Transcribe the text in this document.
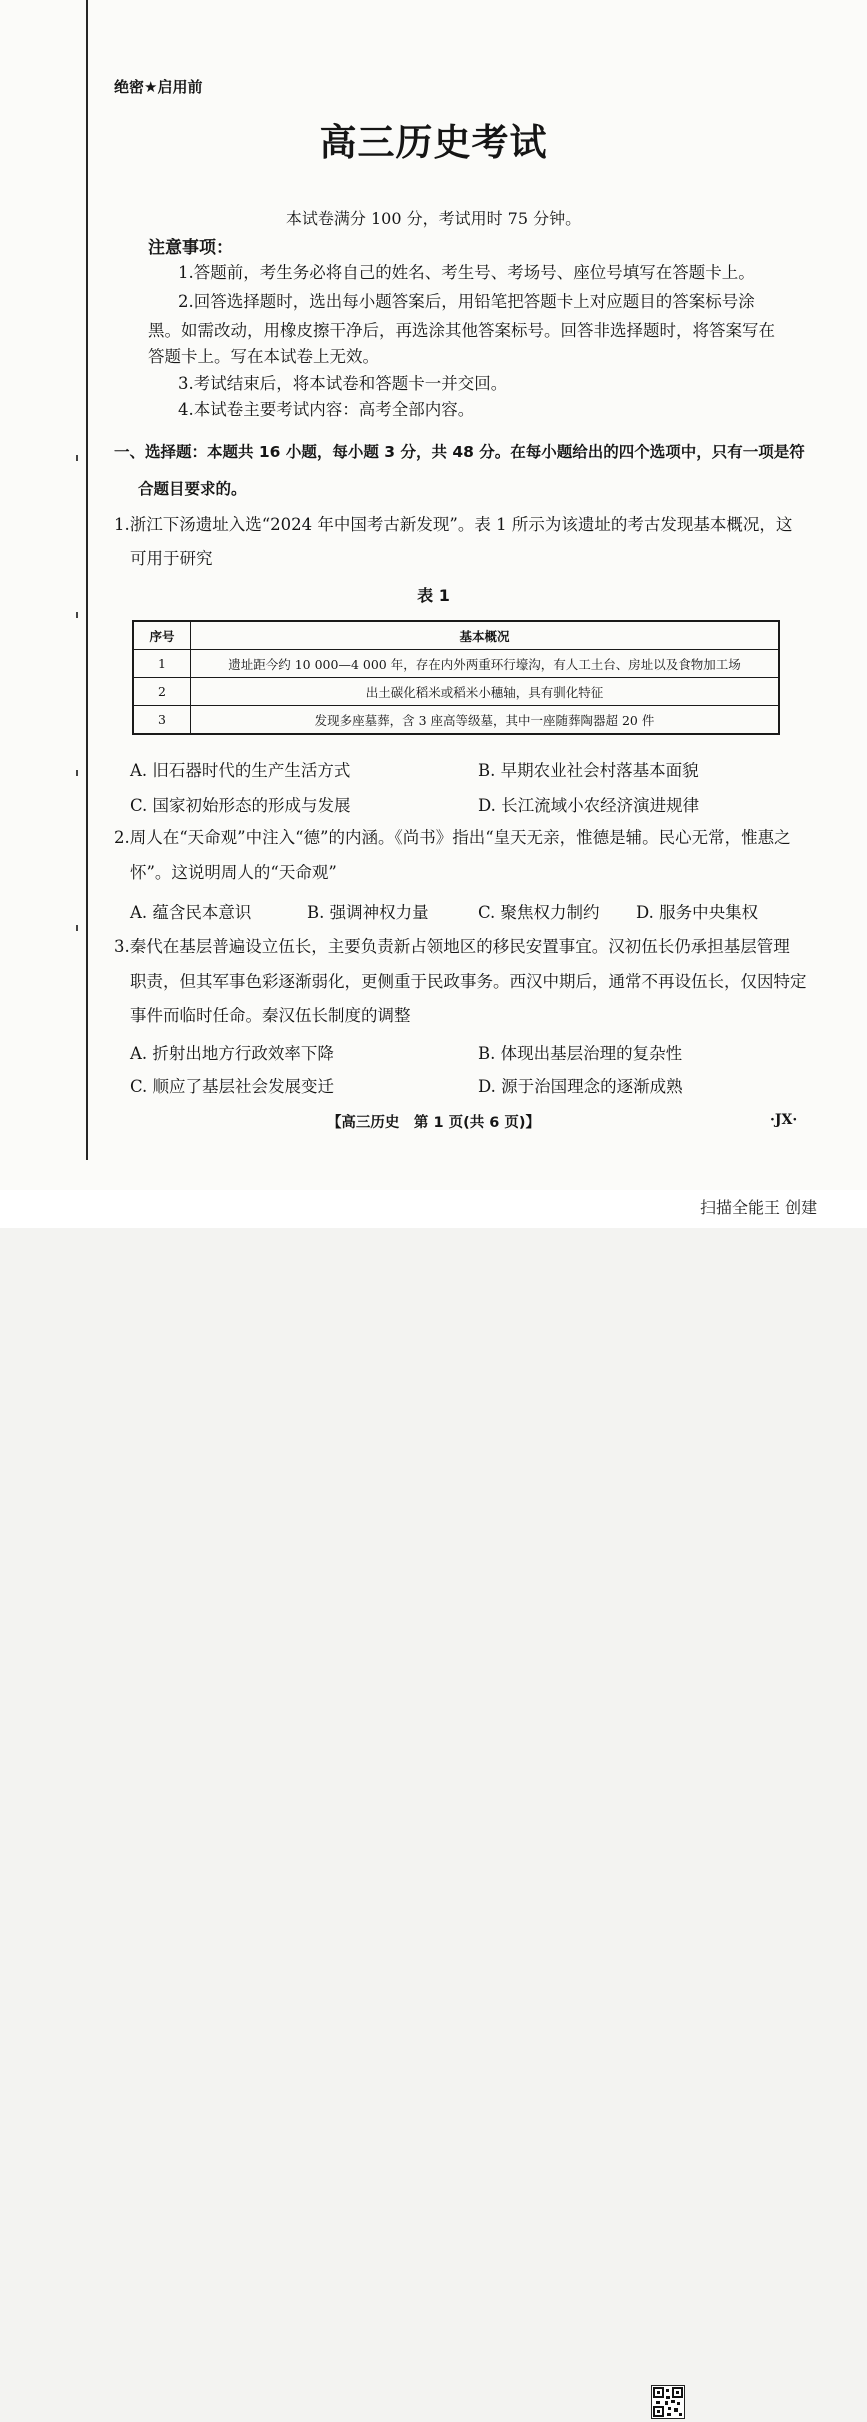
绝密★启用前
高三历史考试
本试卷满分 100 分，考试用时 75 分钟。
注意事项：
1.答题前，考生务必将自己的姓名、考生号、考场号、座位号填写在答题卡上。
2.回答选择题时，选出每小题答案后，用铅笔把答题卡上对应题目的答案标号涂
黑。如需改动，用橡皮擦干净后，再选涂其他答案标号。回答非选择题时，将答案写在
答题卡上。写在本试卷上无效。
3.考试结束后，将本试卷和答题卡一并交回。
4.本试卷主要考试内容：高考全部内容。
一、选择题：本题共 16 小题，每小题 3 分，共 48 分。在每小题给出的四个选项中，只有一项是符
合题目要求的。
1.浙江下汤遗址入选“2024 年中国考古新发现”。表 1 所示为该遗址的考古发现基本概况，这
可用于研究
表 1
序号	基本概况
1	遗址距今约 10 000—4 000 年，存在内外两重环行壕沟，有人工土台、房址以及食物加工场
2	出土碳化稻米或稻米小穗轴，具有驯化特征
3	发现多座墓葬，含 3 座高等级墓，其中一座随葬陶器超 20 件
A. 旧石器时代的生产生活方式	B. 早期农业社会村落基本面貌
C. 国家初始形态的形成与发展	D. 长江流域小农经济演进规律
2.周人在“天命观”中注入“德”的内涵。《尚书》指出“皇天无亲，惟德是辅。民心无常，惟惠之
怀”。这说明周人的“天命观”
A. 蕴含民本意识	B. 强调神权力量	C. 聚焦权力制约 D. 服务中央集权
3.秦代在基层普遍设立伍长，主要负责新占领地区的移民安置事宜。汉初伍长仍承担基层管理
职责，但其军事色彩逐渐弱化，更侧重于民政事务。西汉中期后，通常不再设伍长，仅因特定
事件而临时任命。秦汉伍长制度的调整
A. 折射出地方行政效率下降	B. 体现出基层治理的复杂性
C. 顺应了基层社会发展变迁	D. 源于治国理念的逐渐成熟
【高三历史　第 1 页(共 6 页)】	·JX·
扫描全能王 创建
